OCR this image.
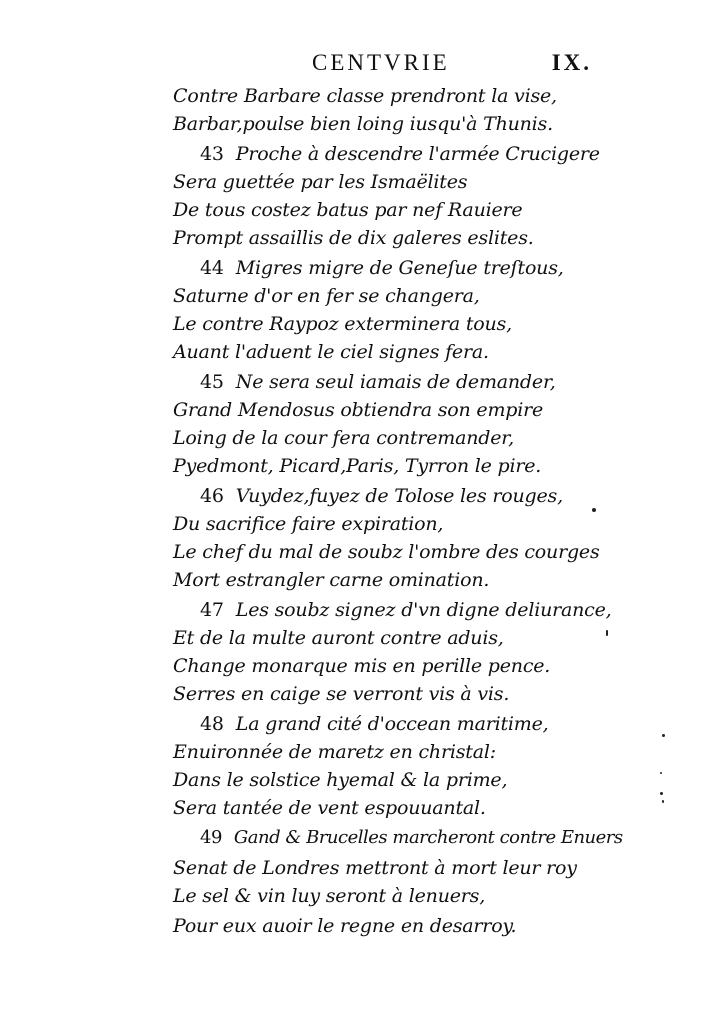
CENTVRIE	IX.
Contre Barbare classe prendront la vise,
Barbar,poulse bien loing iusqu'à Thunis.
43 Proche à descendre l'armée Crucigere
Sera guettée par les Ismaëlites
De tous costez batus par nef Rauiere
Prompt assaillis de dix galeres eslites.
44 Migres migre de Geneſue treſtous,
Saturne d'or en fer se changera,
Le contre Raypoz exterminera tous,
Auant l'aduent le ciel signes fera.
45 Ne sera seul iamais de demander,
Grand Mendosus obtiendra son empire
Loing de la cour fera contremander,
Pyedmont, Picard,Paris, Tyrron le pire.
46 Vuydez,fuyez de Tolose les rouges,
Du sacrifice faire expiration,
Le chef du mal de soubz l'ombre des courges
Mort estrangler carne omination.
47 Les soubz signez d'vn digne deliurance,
Et de la multe auront contre aduis,
Change monarque mis en perille pence.
Serres en caige se verront vis à vis.
48 La grand cité d'occean maritime,
Enuironnée de maretz en christal:
Dans le solstice hyemal & la prime,
Sera tantée de vent espouuantal.
49 Gand & Brucelles marcheront contre Enuers
Senat de Londres mettront à mort leur roy
Le sel & vin luy seront à lenuers,
Pour eux auoir le regne en desarroy.
